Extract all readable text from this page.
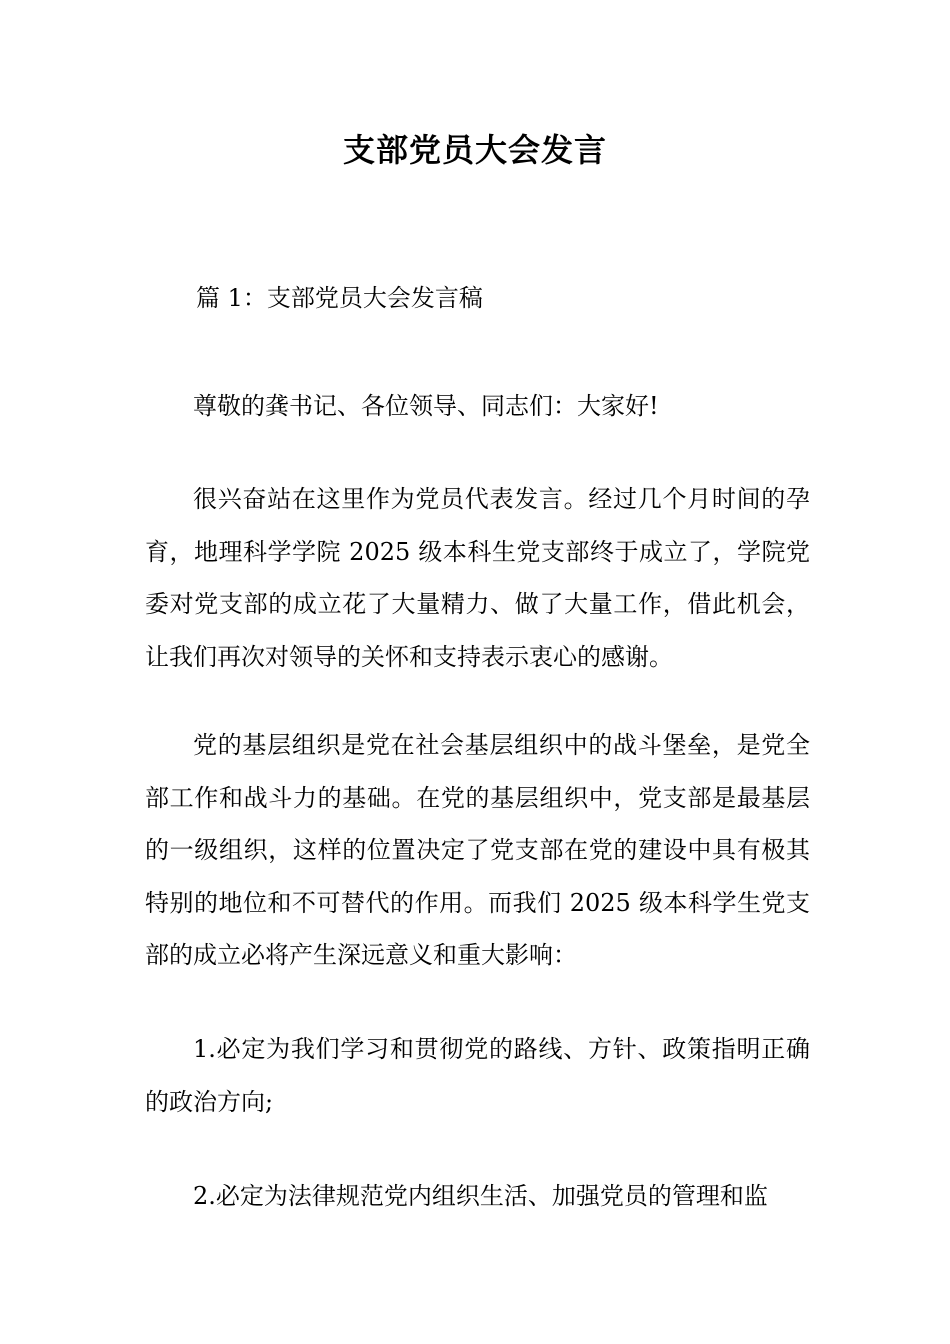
支部党员大会发言

篇 1：支部党员大会发言稿

尊敬的龚书记、各位领导、同志们：大家好!

很兴奋站在这里作为党员代表发言。经过几个月时间的孕育，地理科学学院 2025 级本科生党支部终于成立了，学院党委对党支部的成立花了大量精力、做了大量工作，借此机会，让我们再次对领导的关怀和支持表示衷心的感谢。

党的基层组织是党在社会基层组织中的战斗堡垒，是党全部工作和战斗力的基础。在党的基层组织中，党支部是最基层的一级组织，这样的位置决定了党支部在党的建设中具有极其特别的地位和不可替代的作用。而我们 2025 级本科学生党支部的成立必将产生深远意义和重大影响：

1.必定为我们学习和贯彻党的路线、方针、政策指明正确的政治方向;

2.必定为法律规范党内组织生活、加强党员的管理和监
